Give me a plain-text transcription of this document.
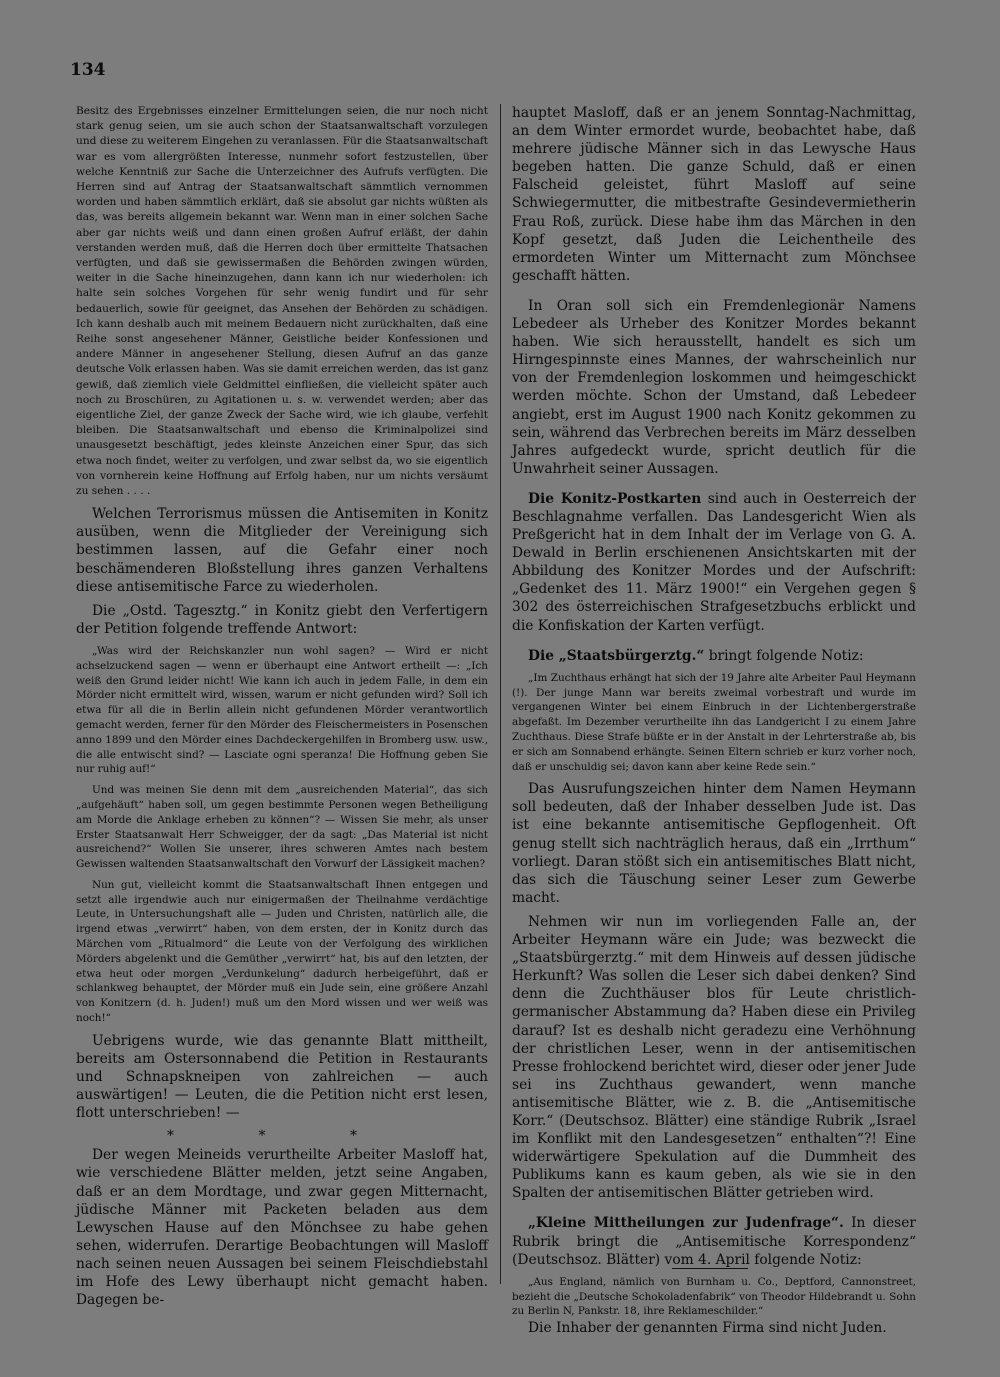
134

Besitz des Ergebnisses einzelner Ermittelungen seien, die nur noch nicht stark genug seien, um sie auch schon der Staatsanwaltschaft vorzulegen und diese zu weiterem Eingehen zu veranlassen. Für die Staatsanwaltschaft war es vom allergrößten Interesse, nunmehr sofort festzustellen, über welche Kenntniß zur Sache die Unterzeichner des Aufrufs verfügten. Die Herren sind auf Antrag der Staatsanwaltschaft sämmtlich vernommen worden und haben sämmtlich erklärt, daß sie absolut gar nichts wüßten als das, was bereits allgemein bekannt war. Wenn man in einer solchen Sache aber gar nichts weiß und dann einen großen Aufruf erläßt, der dahin verstanden werden muß, daß die Herren doch über ermittelte Thatsachen verfügten, und daß sie gewissermaßen die Behörden zwingen würden, weiter in die Sache hineinzugehen, dann kann ich nur wiederholen: ich halte sein solches Vorgehen für sehr wenig fundirt und für sehr bedauerlich, sowie für geeignet, das Ansehen der Behörden zu schädigen. Ich kann deshalb auch mit meinem Bedauern nicht zurückhalten, daß eine Reihe sonst angesehener Männer, Geistliche beider Konfessionen und andere Männer in angesehener Stellung, diesen Aufruf an das ganze deutsche Volk erlassen haben. Was sie damit erreichen werden, das ist ganz gewiß, daß ziemlich viele Geldmittel einfließen, die vielleicht später auch noch zu Broschüren, zu Agitationen u. s. w. verwendet werden; aber das eigentliche Ziel, der ganze Zweck der Sache wird, wie ich glaube, verfehlt bleiben. Die Staatsanwaltschaft und ebenso die Kriminalpolizei sind unausgesetzt beschäftigt, jedes kleinste Anzeichen einer Spur, das sich etwa noch findet, weiter zu verfolgen, und zwar selbst da, wo sie eigentlich von vornherein keine Hoffnung auf Erfolg haben, nur um nichts versäumt zu sehen . . . .

Welchen Terrorismus müssen die Antisemiten in Konitz ausüben, wenn die Mitglieder der Vereinigung sich bestimmen lassen, auf die Gefahr einer noch beschämenderen Bloßstellung ihres ganzen Verhaltens diese antisemitische Farce zu wiederholen.

Die „Ostd. Tagesztg.“ in Konitz giebt den Verfertigern der Petition folgende treffende Antwort:

„Was wird der Reichskanzler nun wohl sagen? — Wird er nicht achselzuckend sagen — wenn er überhaupt eine Antwort ertheilt —: „Ich weiß den Grund leider nicht! Wie kann ich auch in jedem Falle, in dem ein Mörder nicht ermittelt wird, wissen, warum er nicht gefunden wird? Soll ich etwa für all die in Berlin allein nicht gefundenen Mörder verantwortlich gemacht werden, ferner für den Mörder des Fleischermeisters in Posenschen anno 1899 und den Mörder eines Dachdeckergehilfen in Bromberg usw. usw., die alle entwischt sind? — Lasciate ogni speranza! Die Hoffnung geben Sie nur ruhig auf!“

Und was meinen Sie denn mit dem „ausreichenden Material“, das sich „aufgehäuft“ haben soll, um gegen bestimmte Personen wegen Betheiligung am Morde die Anklage erheben zu können“? — Wissen Sie mehr, als unser Erster Staatsanwalt Herr Schweigger, der da sagt: „Das Material ist nicht ausreichend?“ Wollen Sie unserer, ihres schweren Amtes nach bestem Gewissen waltenden Staatsanwaltschaft den Vorwurf der Lässigkeit machen?

Nun gut, vielleicht kommt die Staatsanwaltschaft Ihnen entgegen und setzt alle irgendwie auch nur einigermaßen der Theilnahme verdächtige Leute, in Untersuchungshaft alle — Juden und Christen, natürlich alle, die irgend etwas „verwirrt“ haben, von dem ersten, der in Konitz durch das Märchen vom „Ritualmord“ die Leute von der Verfolgung des wirklichen Mörders abgelenkt und die Gemüther „verwirrt“ hat, bis auf den letzten, der etwa heut oder morgen „Verdunkelung“ dadurch herbeigeführt, daß er schlankweg behauptet, der Mörder muß ein Jude sein, eine größere Anzahl von Konitzern (d. h. Juden!) muß um den Mord wissen und wer weiß was noch!“

Uebrigens wurde, wie das genannte Blatt mittheilt, bereits am Ostersonnabend die Petition in Restaurants und Schnapskneipen von zahlreichen — auch auswärtigen! — Leuten, die die Petition nicht erst lesen, flott unterschrieben! —

* * *

Der wegen Meineids verurtheilte Arbeiter Masloff hat, wie verschiedene Blätter melden, jetzt seine Angaben, daß er an dem Mordtage, und zwar gegen Mitternacht, jüdische Männer mit Packeten beladen aus dem Lewyschen Hause auf den Mönchsee zu habe gehen sehen, widerrufen. Derartige Beobachtungen will Masloff nach seinen neuen Aussagen bei seinem Fleischdiebstahl im Hofe des Lewy überhaupt nicht gemacht haben. Dagegen be-

hauptet Masloff, daß er an jenem Sonntag-Nachmittag, an dem Winter ermordet wurde, beobachtet habe, daß mehrere jüdische Männer sich in das Lewysche Haus begeben hatten. Die ganze Schuld, daß er einen Falscheid geleistet, führt Masloff auf seine Schwiegermutter, die mitbestrafte Gesindevermietherin Frau Roß, zurück. Diese habe ihm das Märchen in den Kopf gesetzt, daß Juden die Leichentheile des ermordeten Winter um Mitternacht zum Mönchsee geschafft hätten.

In Oran soll sich ein Fremdenlegionär Namens Lebedeer als Urheber des Konitzer Mordes bekannt haben. Wie sich herausstellt, handelt es sich um Hirngespinnste eines Mannes, der wahrscheinlich nur von der Fremdenlegion loskommen und heimgeschickt werden möchte. Schon der Umstand, daß Lebedeer angiebt, erst im August 1900 nach Konitz gekommen zu sein, während das Verbrechen bereits im März desselben Jahres aufgedeckt wurde, spricht deutlich für die Unwahrheit seiner Aussagen.

Die Konitz-Postkarten sind auch in Oesterreich der Beschlagnahme verfallen. Das Landesgericht Wien als Preßgericht hat in dem Inhalt der im Verlage von G. A. Dewald in Berlin erschienenen Ansichtskarten mit der Abbildung des Konitzer Mordes und der Aufschrift: „Gedenket des 11. März 1900!“ ein Vergehen gegen § 302 des österreichischen Strafgesetzbuchs erblickt und die Konfiskation der Karten verfügt.

Die „Staatsbürgerztg.“ bringt folgende Notiz:

„Im Zuchthaus erhängt hat sich der 19 Jahre alte Arbeiter Paul Heymann (!). Der junge Mann war bereits zweimal vorbestraft und wurde im vergangenen Winter bei einem Einbruch in der Lichtenbergerstraße abgefaßt. Im Dezember verurtheilte ihn das Landgericht I zu einem Jahre Zuchthaus. Diese Strafe büßte er in der Anstalt in der Lehrterstraße ab, bis er sich am Sonnabend erhängte. Seinen Eltern schrieb er kurz vorher noch, daß er unschuldig sei; davon kann aber keine Rede sein.“

Das Ausrufungszeichen hinter dem Namen Heymann soll bedeuten, daß der Inhaber desselben Jude ist. Das ist eine bekannte antisemitische Gepflogenheit. Oft genug stellt sich nachträglich heraus, daß ein „Irrthum“ vorliegt. Daran stößt sich ein antisemitisches Blatt nicht, das sich die Täuschung seiner Leser zum Gewerbe macht.

Nehmen wir nun im vorliegenden Falle an, der Arbeiter Heymann wäre ein Jude; was bezweckt die „Staatsbürgerztg.“ mit dem Hinweis auf dessen jüdische Herkunft? Was sollen die Leser sich dabei denken? Sind denn die Zuchthäuser blos für Leute christlich-germanischer Abstammung da? Haben diese ein Privileg darauf? Ist es deshalb nicht geradezu eine Verhöhnung der christlichen Leser, wenn in der antisemitischen Presse frohlockend berichtet wird, dieser oder jener Jude sei ins Zuchthaus gewandert, wenn manche antisemitische Blätter, wie z. B. die „Antisemitische Korr.“ (Deutschsoz. Blätter) eine ständige Rubrik „Israel im Konflikt mit den Landesgesetzen“ enthalten“?! Eine widerwärtigere Spekulation auf die Dummheit des Publikums kann es kaum geben, als wie sie in den Spalten der antisemitischen Blätter getrieben wird.

„Kleine Mittheilungen zur Judenfrage“. In dieser Rubrik bringt die „Antisemitische Korrespondenz“ (Deutschsoz. Blätter) vom 4. April folgende Notiz:

„Aus England, nämlich von Burnham u. Co., Deptford, Cannonstreet, bezieht die „Deutsche Schokoladenfabrik“ von Theodor Hildebrandt u. Sohn zu Berlin N, Pankstr. 18, ihre Reklameschilder.“

Die Inhaber der genannten Firma sind nicht Juden.
